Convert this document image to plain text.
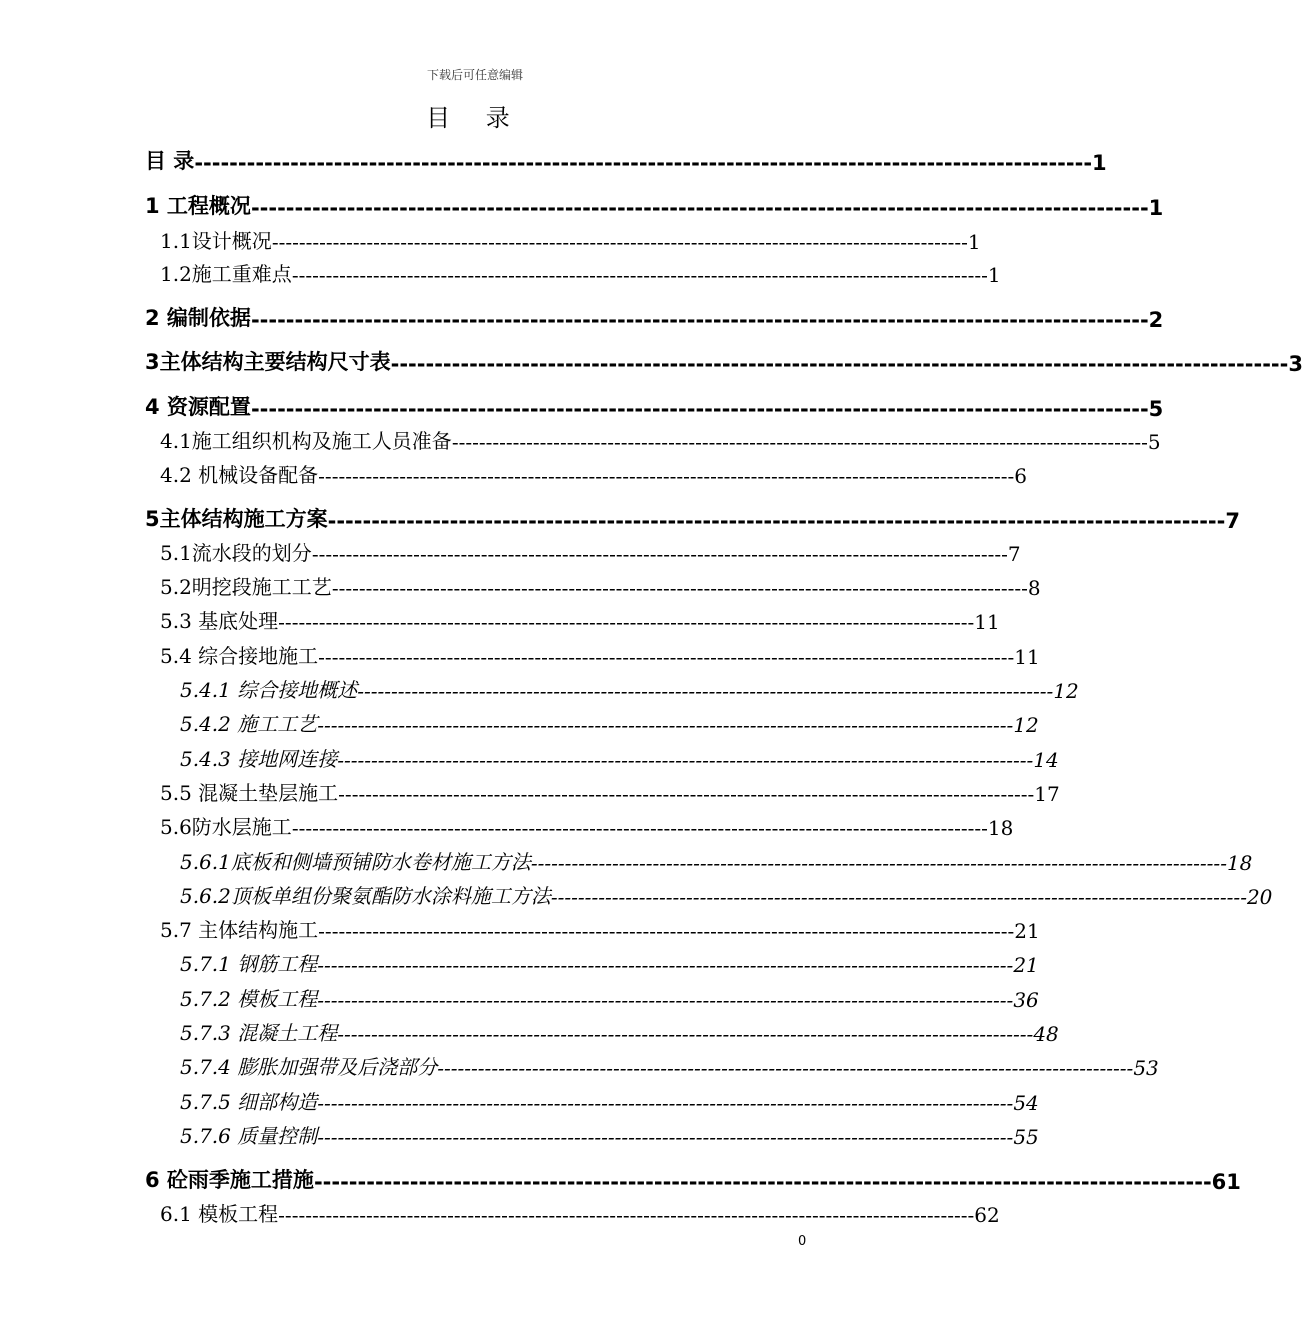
下载后可任意编辑
目 录
目 录 ------------------------------------------------------------------------------------------------------- 1
1 工程概况 ------------------------------------------------------------------------------------------------------- 1
1.1设计概况 ------------------------------------------------------------------------------------------------------- 1
1.2施工重难点 ------------------------------------------------------------------------------------------------------- 1
2 编制依据 ------------------------------------------------------------------------------------------------------- 2
3主体结构主要结构尺寸表 ------------------------------------------------------------------------------------------------------- 3
4 资源配置 ------------------------------------------------------------------------------------------------------- 5
4.1施工组织机构及施工人员准备 ------------------------------------------------------------------------------------------------------- 5
4.2 机械设备配备 ------------------------------------------------------------------------------------------------------- 6
5主体结构施工方案 ------------------------------------------------------------------------------------------------------- 7
5.1流水段的划分 ------------------------------------------------------------------------------------------------------- 7
5.2明挖段施工工艺 ------------------------------------------------------------------------------------------------------- 8
5.3 基底处理 ------------------------------------------------------------------------------------------------------- 11
5.4 综合接地施工 ------------------------------------------------------------------------------------------------------- 11
5.4.1 综合接地概述 ------------------------------------------------------------------------------------------------------- 12
5.4.2 施工工艺 ------------------------------------------------------------------------------------------------------- 12
5.4.3 接地网连接 ------------------------------------------------------------------------------------------------------- 14
5.5 混凝土垫层施工 ------------------------------------------------------------------------------------------------------- 17
5.6防水层施工 ------------------------------------------------------------------------------------------------------- 18
5.6.1底板和侧墙预铺防水卷材施工方法 ------------------------------------------------------------------------------------------------------- 18
5.6.2顶板单组份聚氨酯防水涂料施工方法 ------------------------------------------------------------------------------------------------------- 20
5.7 主体结构施工 ------------------------------------------------------------------------------------------------------- 21
5.7.1 钢筋工程 ------------------------------------------------------------------------------------------------------- 21
5.7.2 模板工程 ------------------------------------------------------------------------------------------------------- 36
5.7.3 混凝土工程 ------------------------------------------------------------------------------------------------------- 48
5.7.4 膨胀加强带及后浇部分 ------------------------------------------------------------------------------------------------------- 53
5.7.5 细部构造 ------------------------------------------------------------------------------------------------------- 54
5.7.6 质量控制 ------------------------------------------------------------------------------------------------------- 55
6 砼雨季施工措施 ------------------------------------------------------------------------------------------------------- 61
6.1 模板工程 ------------------------------------------------------------------------------------------------------- 62
0
